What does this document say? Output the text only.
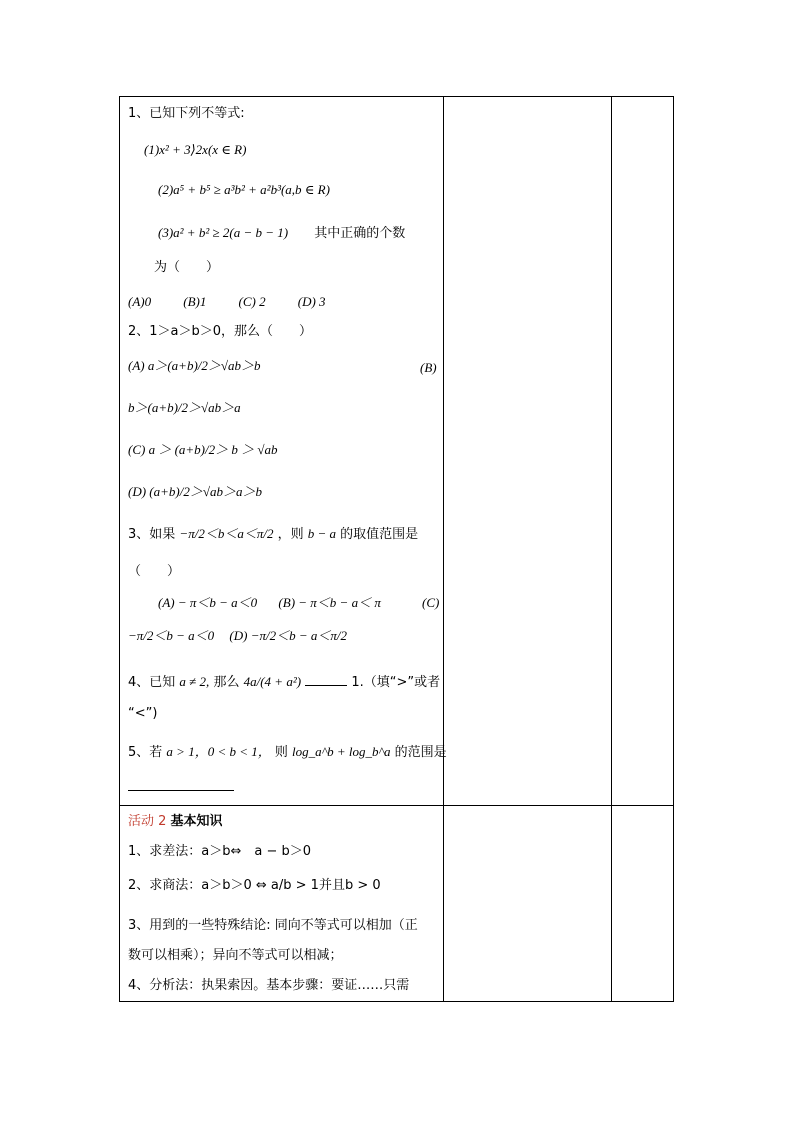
1、已知下列不等式:
(1)x² + 3⟩2x(x ∈ R)
(2)a⁵ + b⁵ ≥ a³b² + a²b³(a,b ∈ R)
(3)a² + b² ≥ 2(a − b − 1) 其中正确的个数
为（　　）
(A)0 (B)1 (C) 2 (D) 3
2、1＞a＞b＞0，那么（　　）
(A) a＞(a+b)/2＞√ab＞b	(B)
b＞(a+b)/2＞√ab＞a
(C) a ＞ (a+b)/2＞ b ＞ √ab
(D) (a+b)/2＞√ab＞a＞b
3、如果 −π/2＜b＜a＜π/2 ，则 b − a 的取值范围是
（　　）
(A) − π＜b − a＜0 (B) − π＜b − a＜ π	(C)
−π/2＜b − a＜0 (D) −π/2＜b − a＜π/2
4、已知 a ≠ 2, 那么 4a/(4 + a²)	1.（填“>”或者
“<”)
5、若 a > 1，0 < b < 1， 则 log_a^b + log_b^a 的范围是
活动 2 基本知识
1、求差法：a＞b⇔　a − b＞0
2、求商法：a＞b＞0 ⇔ a/b > 1并且b > 0
3、用到的一些特殊结论: 同向不等式可以相加（正
数可以相乘）；异向不等式可以相减；
4、分析法：执果索因。基本步骤：要证……只需
